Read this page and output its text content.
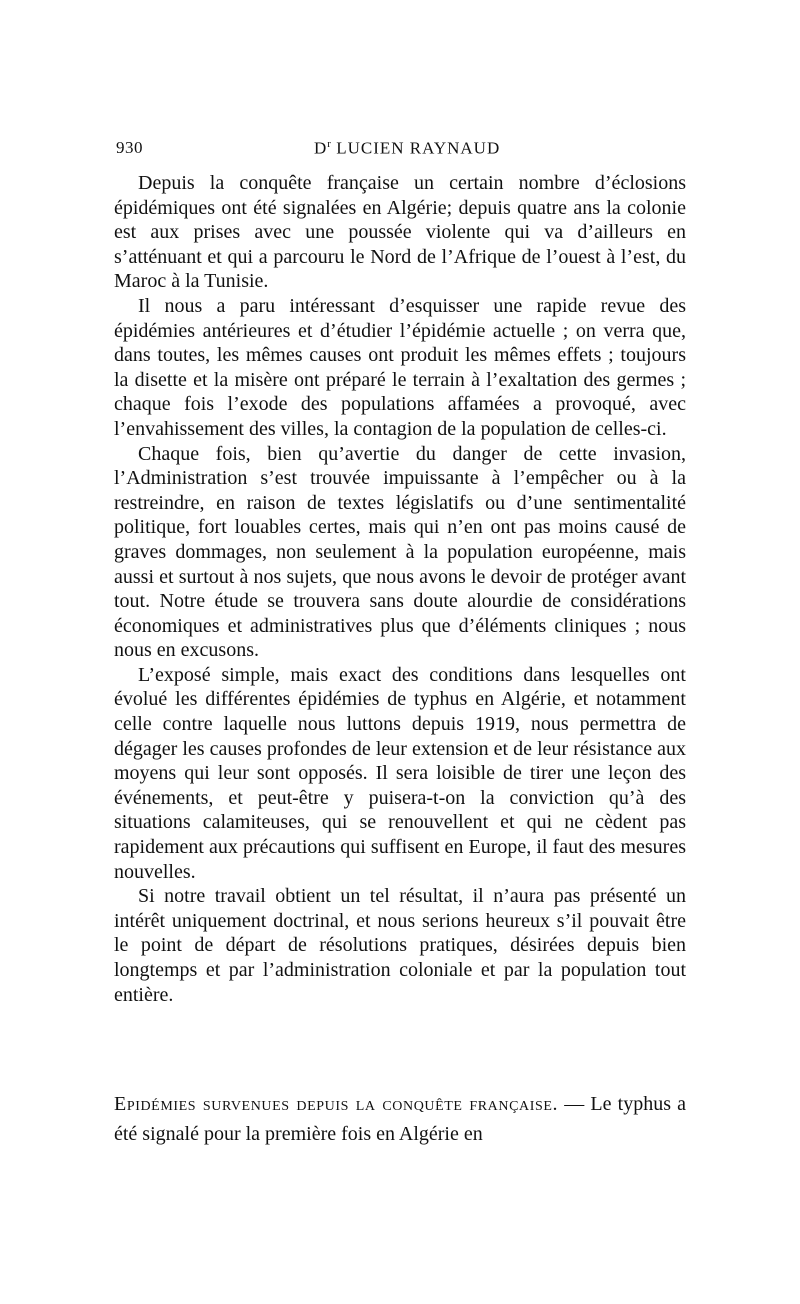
930	$D^r$ LUCIEN RAYNAUD

Depuis la conquête française un certain nombre d’éclosions épidémiques ont été signalées en Algérie; depuis quatre ans la colonie est aux prises avec une poussée violente qui va d’ailleurs en s’atténuant et qui a parcouru le Nord de l’Afrique de l’ouest à l’est, du Maroc à la Tunisie.

Il nous a paru intéressant d’esquisser une rapide revue des épidémies antérieures et d’étudier l’épidémie actuelle ; on verra que, dans toutes, les mêmes causes ont produit les mêmes effets ; toujours la disette et la misère ont préparé le terrain à l’exaltation des germes ; chaque fois l’exode des populations affamées a provoqué, avec l’envahissement des villes, la contagion de la population de celles-ci.

Chaque fois, bien qu’avertie du danger de cette invasion, l’Administration s’est trouvée impuissante à l’empêcher ou à la restreindre, en raison de textes législatifs ou d’une sentimentalité politique, fort louables certes, mais qui n’en ont pas moins causé de graves dommages, non seulement à la population européenne, mais aussi et surtout à nos sujets, que nous avons le devoir de protéger avant tout. Notre étude se trouvera sans doute alourdie de considérations économiques et administratives plus que d’éléments cliniques ; nous nous en excusons.

L’exposé simple, mais exact des conditions dans lesquelles ont évolué les différentes épidémies de typhus en Algérie, et notamment celle contre laquelle nous luttons depuis 1919, nous permettra de dégager les causes profondes de leur extension et de leur résistance aux moyens qui leur sont opposés. Il sera loisible de tirer une leçon des événements, et peut-être y puisera-t-on la conviction qu’à des situations calamiteuses, qui se renouvellent et qui ne cèdent pas rapidement aux précautions qui suffisent en Europe, il faut des mesures nouvelles.

Si notre travail obtient un tel résultat, il n’aura pas présenté un intérêt uniquement doctrinal, et nous serions heureux s’il pouvait être le point de départ de résolutions pratiques, désirées depuis bien longtemps et par l’administration coloniale et par la population tout entière.

Epidémies survenues depuis la conquête française. — Le typhus a été signalé pour la première fois en Algérie en
